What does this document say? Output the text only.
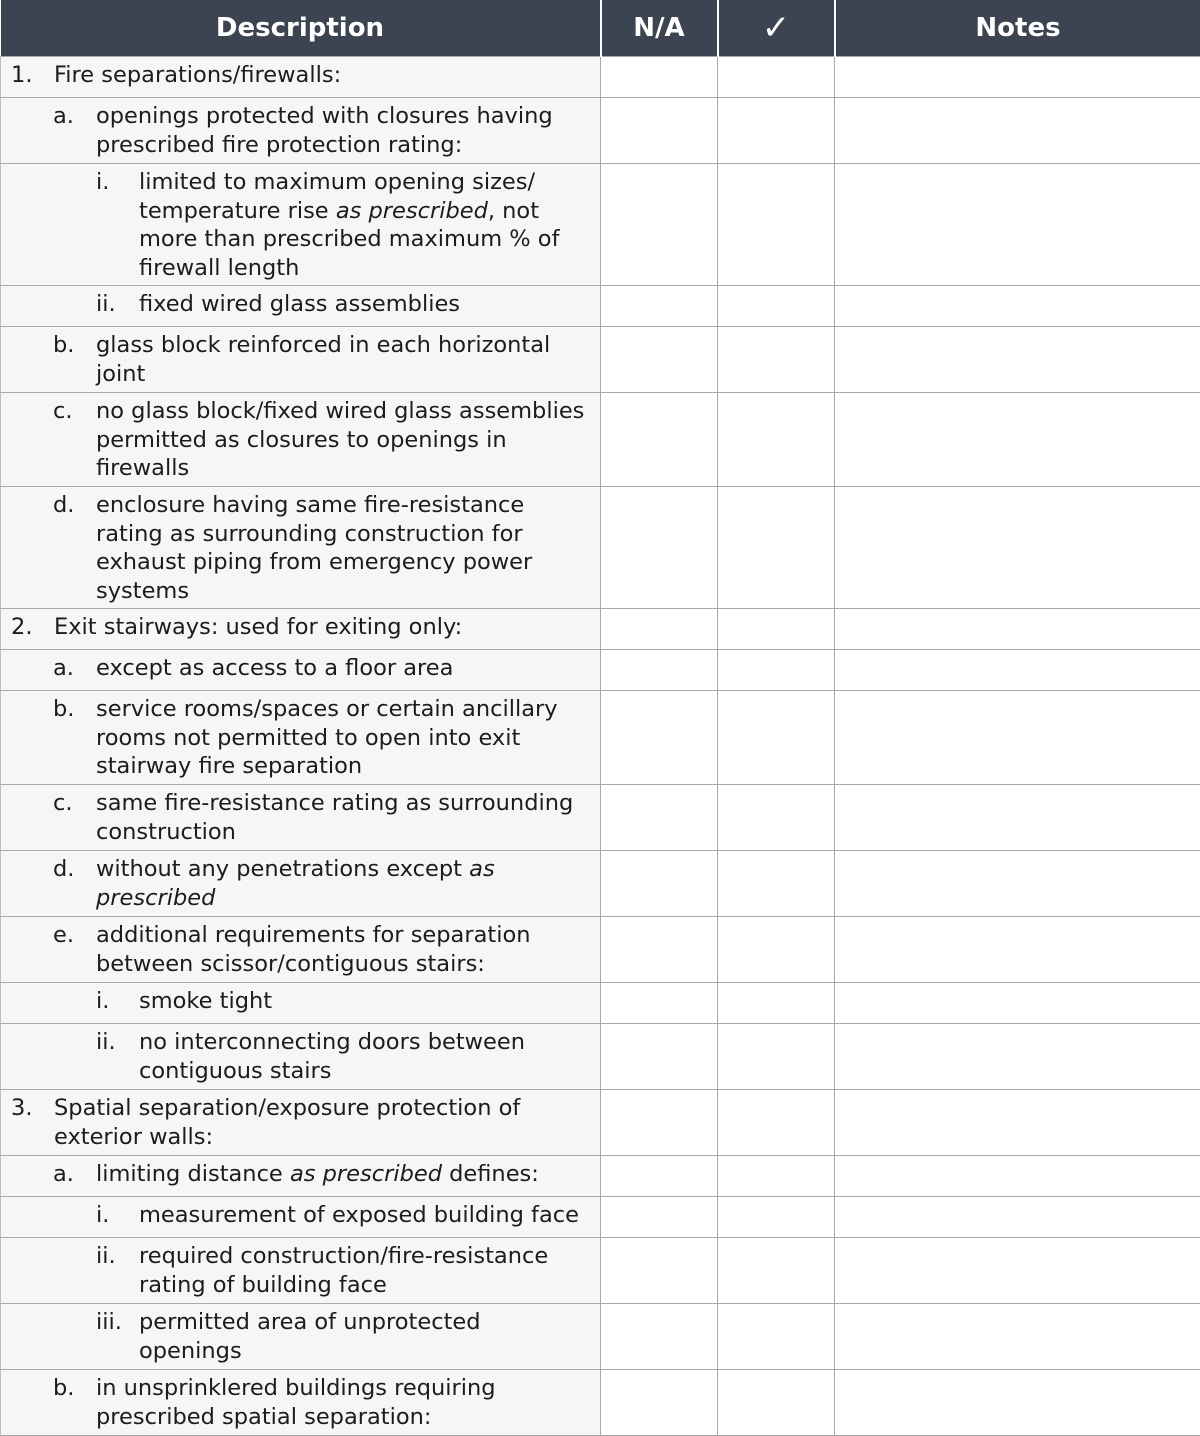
Description	N/A	✓	Notes

1. Fire separations/firewalls:			

a. openings protected with closures having prescribed fire protection rating:			

i. limited to maximum opening sizes/ temperature rise as prescribed, not more than prescribed maximum % of firewall length			

ii. fixed wired glass assemblies			

b. glass block reinforced in each horizontal joint			

c. no glass block/fixed wired glass assemblies permitted as closures to openings in firewalls			

d. enclosure having same fire-resistance rating as surrounding construction for exhaust piping from emergency power systems			

2. Exit stairways: used for exiting only:			

a. except as access to a floor area			

b. service rooms/spaces or certain ancillary rooms not permitted to open into exit stairway fire separation			

c. same fire-resistance rating as surrounding construction			

d. without any penetrations except as prescribed			

e. additional requirements for separation between scissor/contiguous stairs:			

i. smoke tight			

ii. no interconnecting doors between contiguous stairs			

3. Spatial separation/exposure protection of exterior walls:			

a. limiting distance as prescribed defines:			

i. measurement of exposed building face			

ii. required construction/fire-resistance rating of building face			

iii. permitted area of unprotected openings			

b. in unsprinklered buildings requiring prescribed spatial separation:			
